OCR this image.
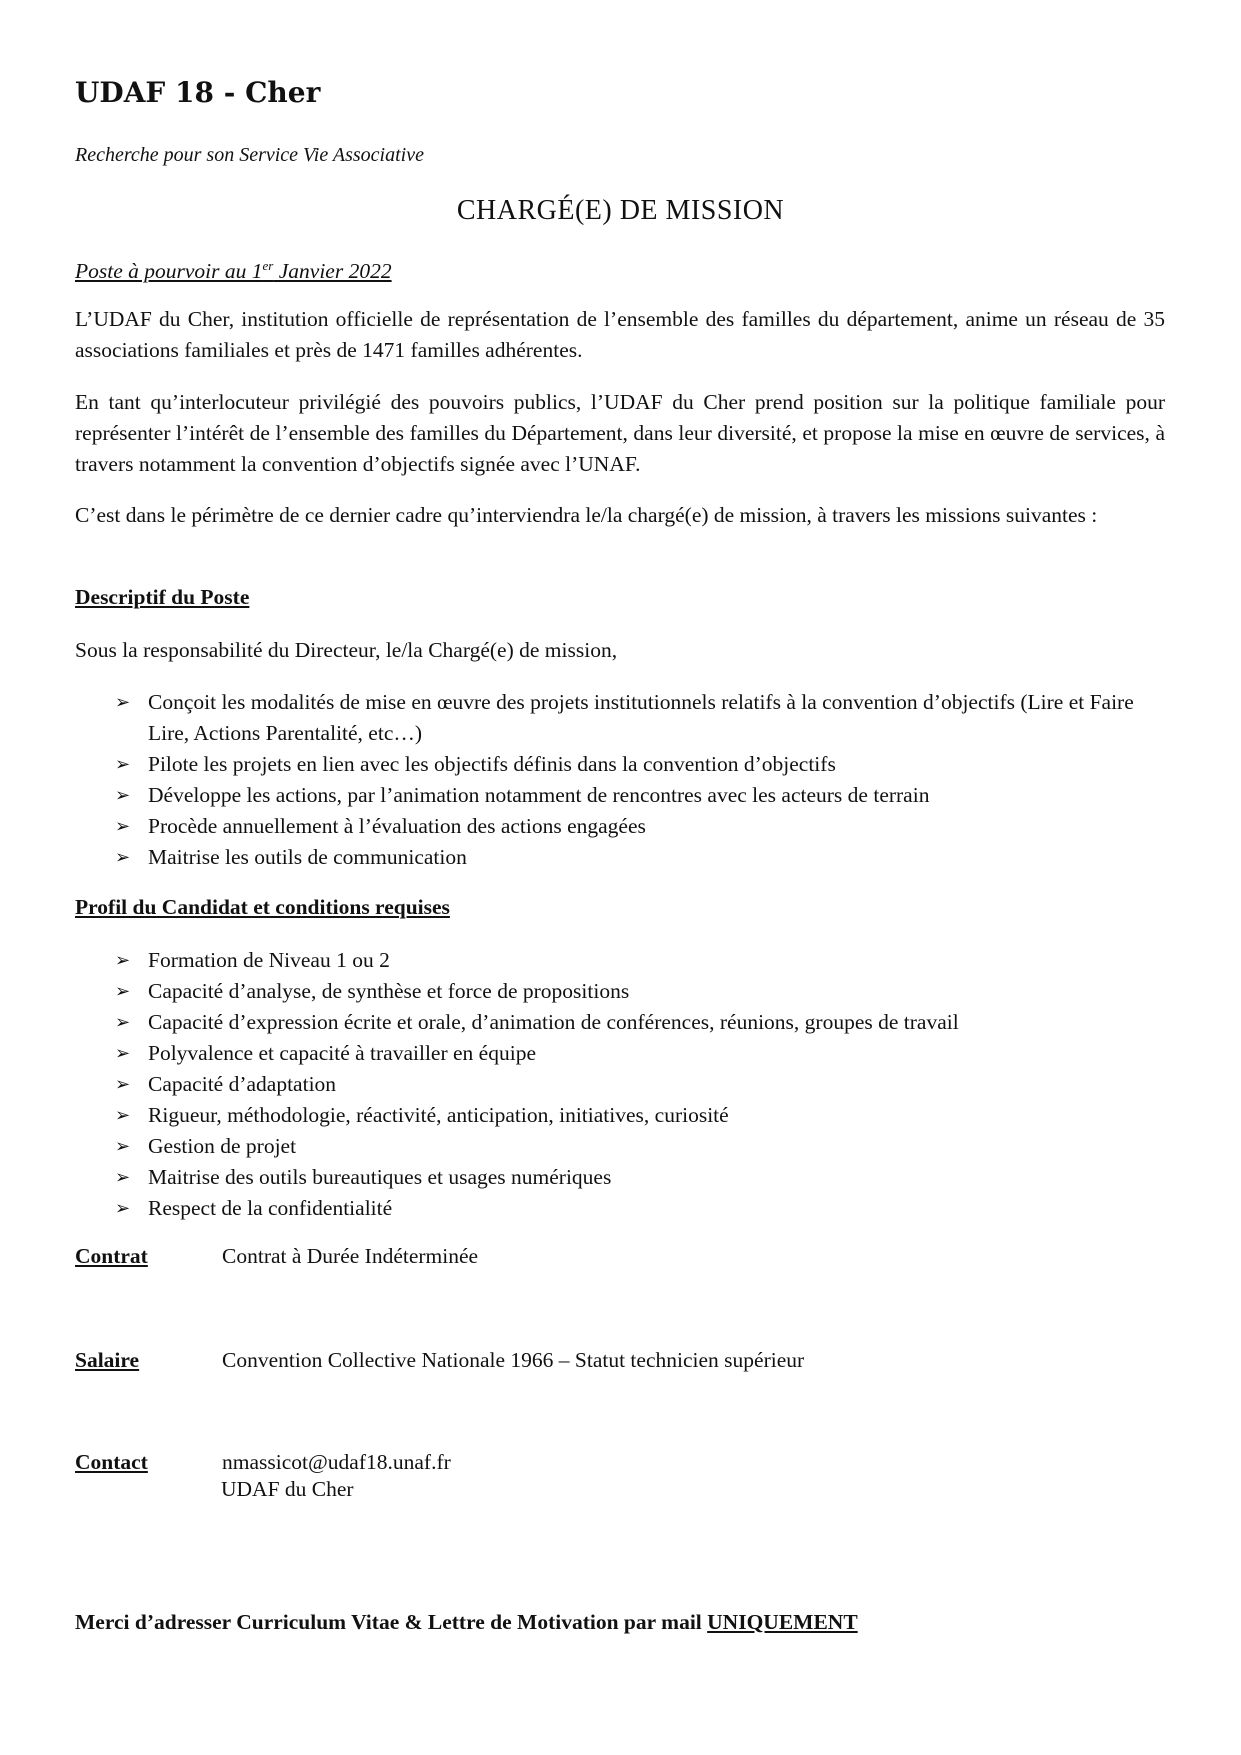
UDAF 18 - Cher
Recherche pour son Service Vie Associative
CHARGÉ(E) DE MISSION
Poste à pourvoir au 1er Janvier 2022
L’UDAF du Cher, institution officielle de représentation de l’ensemble des familles du département, anime un réseau de 35 associations familiales et près de 1471 familles adhérentes.
En tant qu’interlocuteur privilégié des pouvoirs publics, l’UDAF du Cher prend position sur la politique familiale pour représenter l’intérêt de l’ensemble des familles du Département, dans leur diversité, et propose la mise en œuvre de services, à travers notamment la convention d’objectifs signée avec l’UNAF.
C’est dans le périmètre de ce dernier cadre qu’interviendra le/la chargé(e) de mission, à travers les missions suivantes :
Descriptif du Poste
Sous la responsabilité du Directeur, le/la Chargé(e) de mission,
➢ Conçoit les modalités de mise en œuvre des projets institutionnels relatifs à la convention d’objectifs (Lire et Faire Lire, Actions Parentalité, etc…)
➢ Pilote les projets en lien avec les objectifs définis dans la convention d’objectifs
➢ Développe les actions, par l’animation notamment de rencontres avec les acteurs de terrain
➢ Procède annuellement à l’évaluation des actions engagées
➢ Maitrise les outils de communication
Profil du Candidat et conditions requises
➢ Formation de Niveau 1 ou 2
➢ Capacité d’analyse, de synthèse et force de propositions
➢ Capacité d’expression écrite et orale, d’animation de conférences, réunions, groupes de travail
➢ Polyvalence et capacité à travailler en équipe
➢ Capacité d’adaptation
➢ Rigueur, méthodologie, réactivité, anticipation, initiatives, curiosité
➢ Gestion de projet
➢ Maitrise des outils bureautiques et usages numériques
➢ Respect de la confidentialité
Contrat	Contrat à Durée Indéterminée
Salaire	Convention Collective Nationale 1966 – Statut technicien supérieur
Contact	nmassicot@udaf18.unaf.fr
UDAF du Cher
Merci d’adresser Curriculum Vitae & Lettre de Motivation par mail UNIQUEMENT
